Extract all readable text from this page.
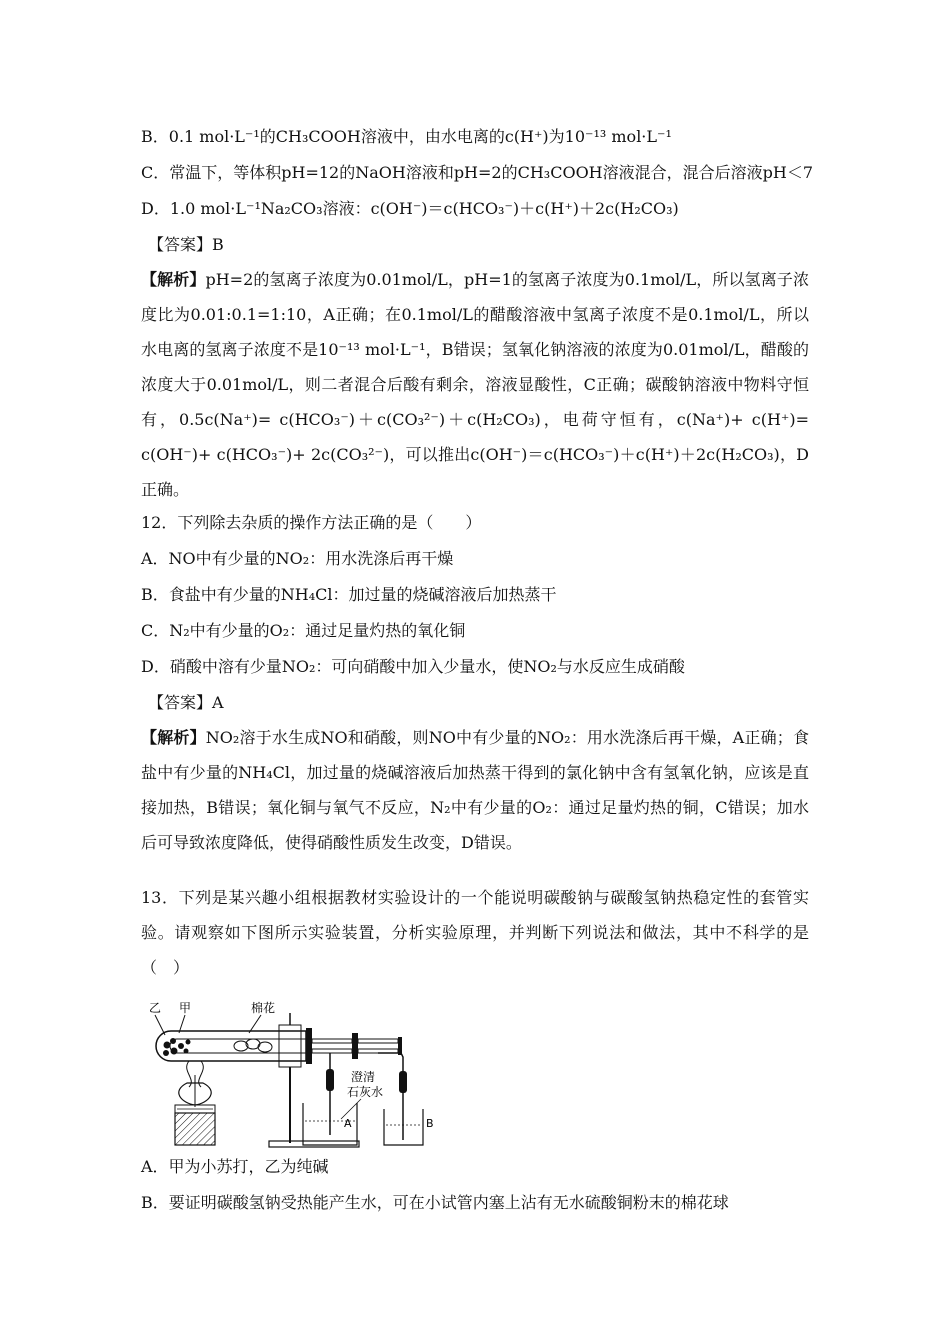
B．0.1 mol·L⁻¹的CH₃COOH溶液中，由水电离的c(H⁺)为10⁻¹³ mol·L⁻¹
C．常温下，等体积pH=12的NaOH溶液和pH=2的CH₃COOH溶液混合，混合后溶液pH＜7
D．1.0 mol·L⁻¹Na₂CO₃溶液：c(OH⁻)＝c(HCO₃⁻)＋c(H⁺)＋2c(H₂CO₃)
【答案】B
【解析】pH=2的氢离子浓度为0.01mol/L，pH=1的氢离子浓度为0.1mol/L，所以氢离子浓度比为0.01:0.1=1:10，A正确；在0.1mol/L的醋酸溶液中氢离子浓度不是0.1mol/L，所以水电离的氢离子浓度不是10⁻¹³ mol·L⁻¹，B错误；氢氧化钠溶液的浓度为0.01mol/L，醋酸的浓度大于0.01mol/L，则二者混合后酸有剩余，溶液显酸性，C正确；碳酸钠溶液中物料守恒有，0.5c(Na⁺)= c(HCO₃⁻)＋c(CO₃²⁻)＋c(H₂CO₃)，电荷守恒有，c(Na⁺)+ c(H⁺)= c(OH⁻)+ c(HCO₃⁻)+ 2c(CO₃²⁻)，可以推出c(OH⁻)＝c(HCO₃⁻)＋c(H⁺)＋2c(H₂CO₃)，D正确。
12．下列除去杂质的操作方法正确的是（　　）
A．NO中有少量的NO₂：用水洗涤后再干燥
B．食盐中有少量的NH₄Cl：加过量的烧碱溶液后加热蒸干
C．N₂中有少量的O₂：通过足量灼热的氧化铜
D．硝酸中溶有少量NO₂：可向硝酸中加入少量水，使NO₂与水反应生成硝酸
【答案】A
【解析】NO₂溶于水生成NO和硝酸，则NO中有少量的NO₂：用水洗涤后再干燥，A正确；食盐中有少量的NH₄Cl，加过量的烧碱溶液后加热蒸干得到的氯化钠中含有氢氧化钠，应该是直接加热，B错误；氧化铜与氧气不反应，N₂中有少量的O₂：通过足量灼热的铜，C错误；加水后可导致浓度降低，使得硝酸性质发生改变，D错误。
13．下列是某兴趣小组根据教材实验设计的一个能说明碳酸钠与碳酸氢钠热稳定性的套管实验。请观察如下图所示实验装置，分析实验原理，并判断下列说法和做法，其中不科学的是（　）
乙 甲	棉花
A
澄清
石灰水
B
A．甲为小苏打，乙为纯碱
B．要证明碳酸氢钠受热能产生水，可在小试管内塞上沾有无水硫酸铜粉末的棉花球
